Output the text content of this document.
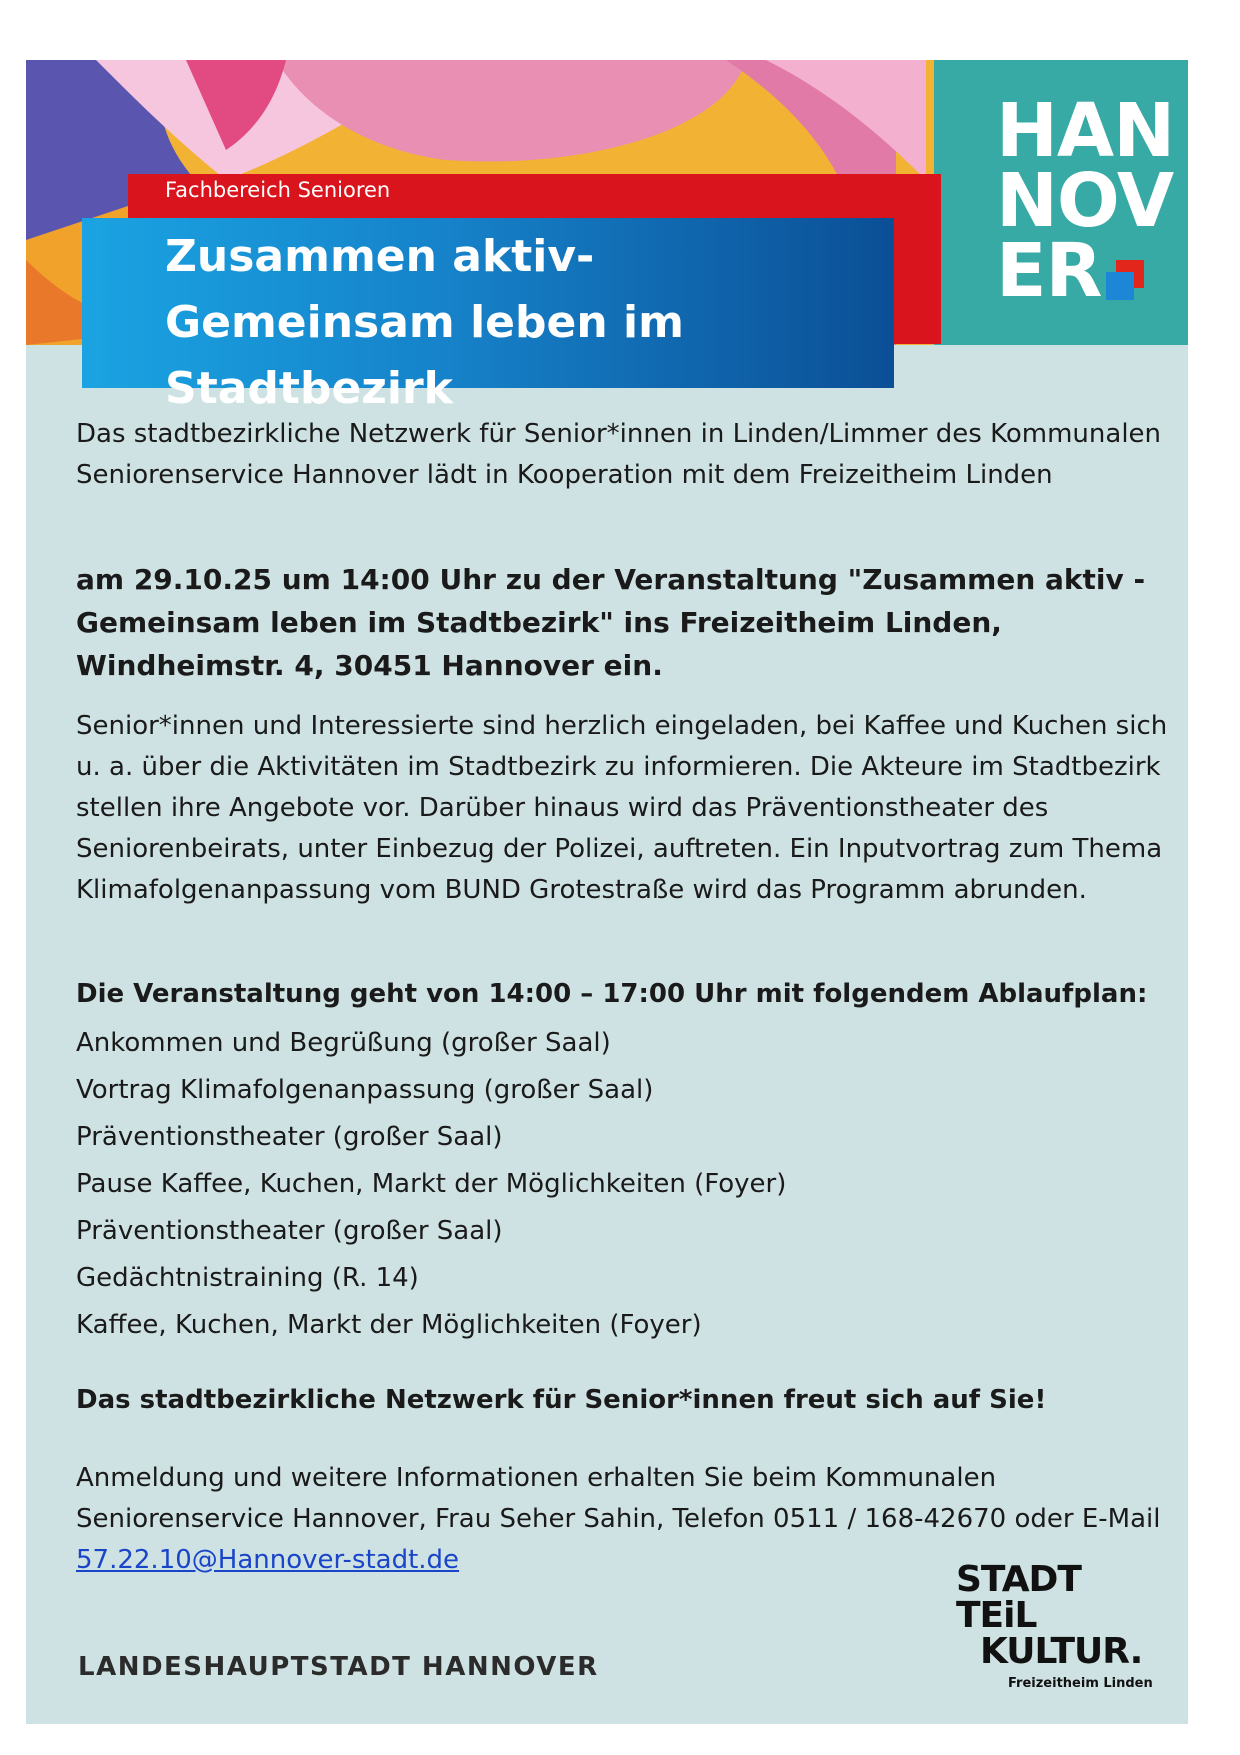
HAN
NOV
ER
Fachbereich Senioren
Zusammen aktiv- Gemeinsam leben im Stadtbezirk

Das stadtbezirkliche Netzwerk für Senior*innen in Linden/Limmer des Kommunalen Seniorenservice Hannover lädt in Kooperation mit dem Freizeitheim Linden

am 29.10.25 um 14:00 Uhr zu der Veranstaltung "Zusammen aktiv - Gemeinsam leben im Stadtbezirk" ins Freizeitheim Linden, Windheimstr. 4, 30451 Hannover ein.

Senior*innen und Interessierte sind herzlich eingeladen, bei Kaffee und Kuchen sich u. a. über die Aktivitäten im Stadtbezirk zu informieren. Die Akteure im Stadtbezirk stellen ihre Angebote vor. Darüber hinaus wird das Präventionstheater des Seniorenbeirats, unter Einbezug der Polizei, auftreten. Ein Inputvortrag zum Thema Klimafolgenanpassung vom BUND Grotestraße wird das Programm abrunden.

Die Veranstaltung geht von 14:00 – 17:00 Uhr mit folgendem Ablaufplan:

Ankommen und Begrüßung (großer Saal)
Vortrag Klimafolgenanpassung (großer Saal)
Präventionstheater (großer Saal)
Pause Kaffee, Kuchen, Markt der Möglichkeiten (Foyer)
Präventionstheater (großer Saal)
Gedächtnistraining (R. 14)
Kaffee, Kuchen, Markt der Möglichkeiten (Foyer)

Das stadtbezirkliche Netzwerk für Senior*innen freut sich auf Sie!

Anmeldung und weitere Informationen erhalten Sie beim Kommunalen Seniorenservice Hannover, Frau Seher Sahin, Telefon 0511 / 168-42670 oder E-Mail 57.22.10@Hannover-stadt.de

LANDESHAUPTSTADT HANNOVER
STADT
TEiL
KULTUR.
Freizeitheim Linden
